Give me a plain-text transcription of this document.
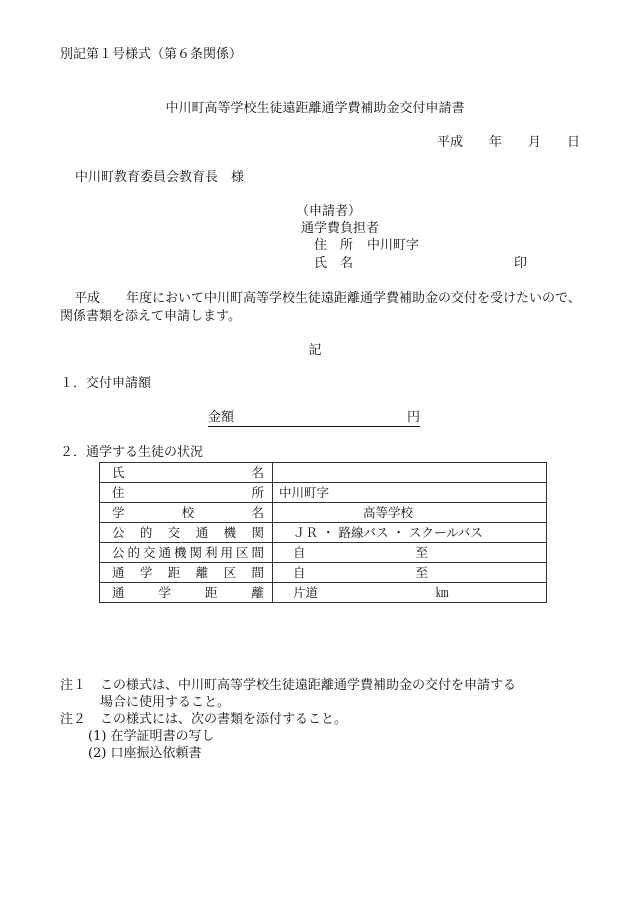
別記第１号様式（第６条関係）
中川町高等学校生徒遠距離通学費補助金交付申請書
平成　　年　　月　　日
中川町教育委員会教育長　様
（申請者）
通学費負担者
住　所 中川町字
氏　名	印
平成　　年度において中川町高等学校生徒遠距離通学費補助金の交付を受けたいので、
関係書類を添えて申請します。
記
１．交付申請額
金額	円
２．通学する生徒の状況
氏名	
住所	中川町字
学校名	高等学校
公的交通機関	ＪＲ ・ 路線バス ・ スクールバス
公的交通機関利用区間	自 至
通学距離区間	自 至
通学距離	片道 ㎞
注１ この様式は、中川町高等学校生徒遠距離通学費補助金の交付を申請する
場合に使用すること。
注２ この様式には、次の書類を添付すること。
(1) 在学証明書の写し
(2) 口座振込依頼書
